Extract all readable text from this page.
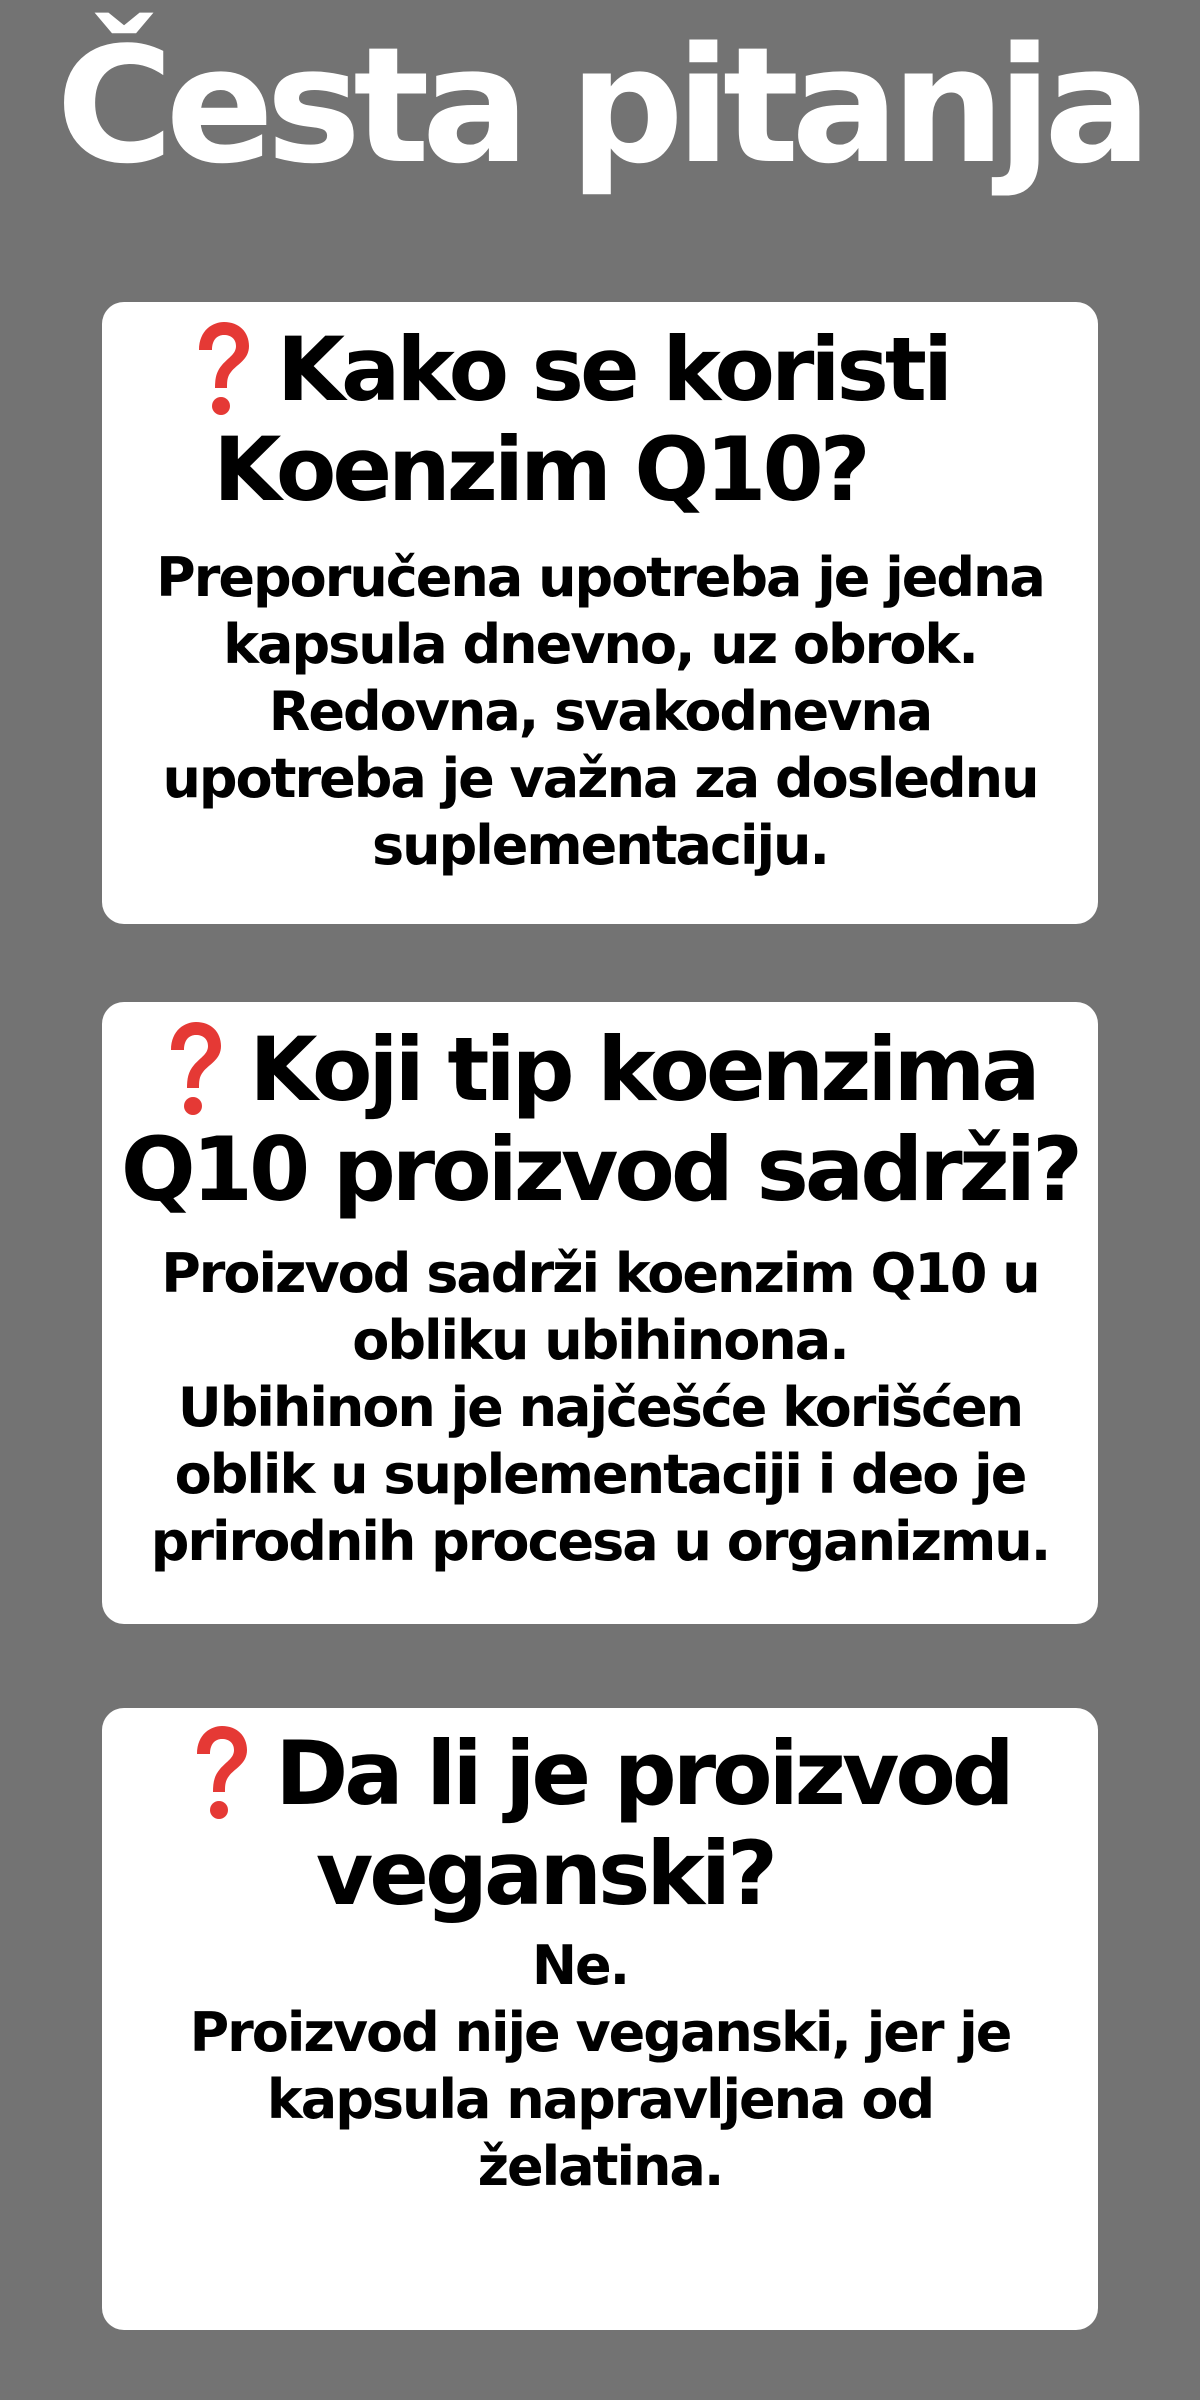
Česta pitanja
Kako se koristi
Koenzim Q10?
Preporučena upotreba je jedna
kapsula dnevno, uz obrok.
Redovna, svakodnevna
upotreba je važna za doslednu
suplementaciju.
Koji tip koenzima
Q10 proizvod sadrži?
Proizvod sadrži koenzim Q10 u
obliku ubihinona.
Ubihinon je najčešće korišćen
oblik u suplementaciji i deo je
prirodnih procesa u organizmu.
Da li je proizvod
veganski?
Ne.
Proizvod nije veganski, jer je
kapsula napravljena od
želatina.
